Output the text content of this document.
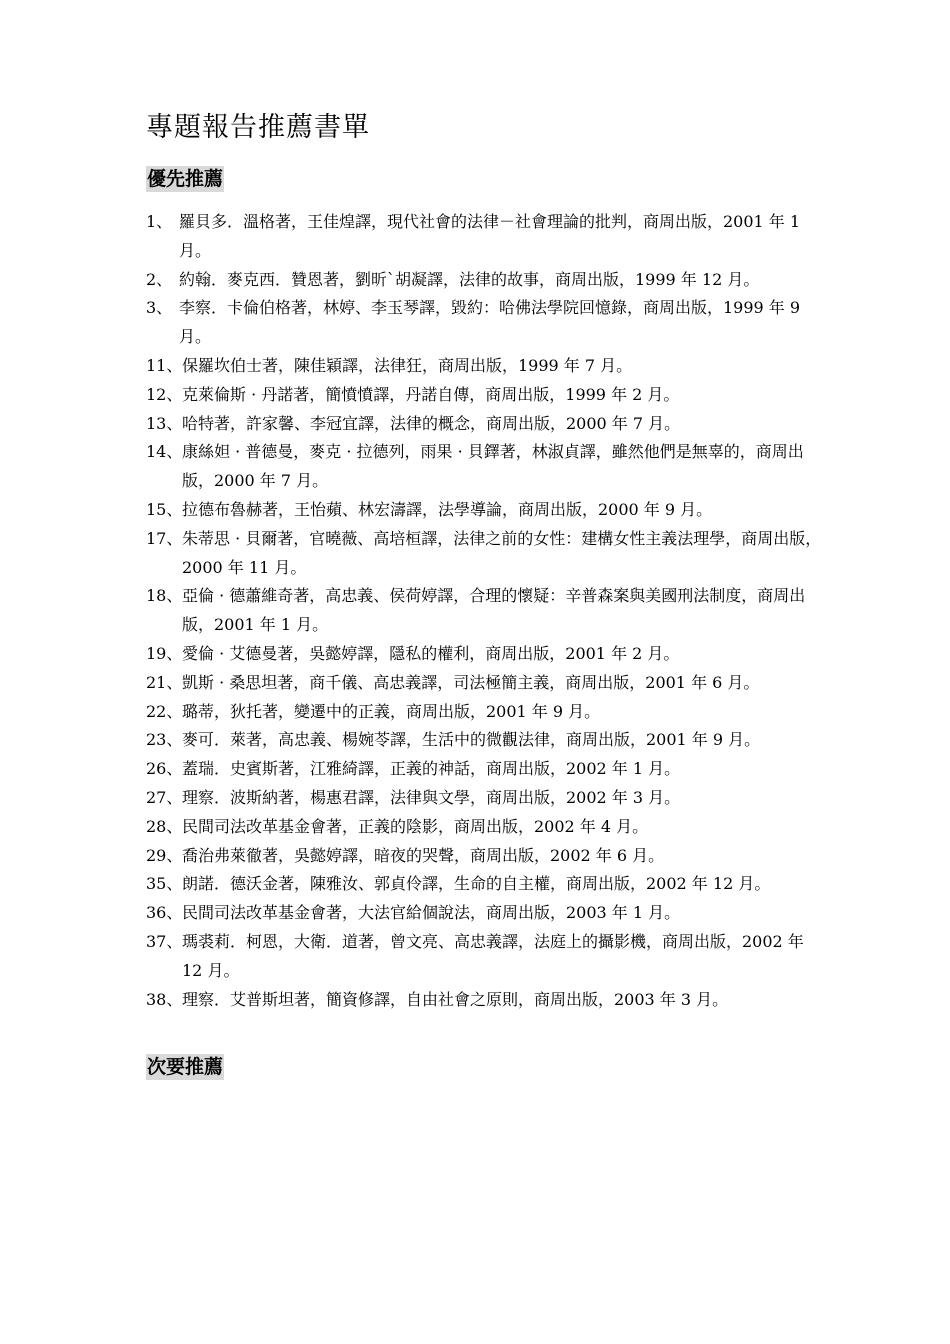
專題報告推薦書單
優先推薦
1、 羅貝多．溫格著，王佳煌譯，現代社會的法律－社會理論的批判，商周出版，2001 年 1 月。
2、 約翰．麥克西．贊恩著，劉昕`胡凝譯，法律的故事，商周出版，1999 年 12 月。
3、 李察．卡倫伯格著，林婷、李玉琴譯，毀約：哈佛法學院回憶錄，商周出版，1999 年 9 月。
11、 保羅坎伯士著，陳佳穎譯，法律狂，商周出版，1999 年 7 月。
12、 克萊倫斯 · 丹諾著，簡憤憤譯，丹諾自傳，商周出版，1999 年 2 月。
13、 哈特著，許家馨、李冠宜譯，法律的概念，商周出版，2000 年 7 月。
14、 康絲妲 · 普德曼，麥克 · 拉德列，雨果 · 貝鐸著，林淑貞譯，雖然他們是無辜的，商周出版，2000 年 7 月。
15、 拉德布魯赫著，王怡蘋、林宏濤譯，法學導論，商周出版，2000 年 9 月。
17、 朱蒂思 · 貝爾著，官曉薇、高培桓譯，法律之前的女性：建構女性主義法理學，商周出版，2000 年 11 月。
18、 亞倫 · 德蕭維奇著，高忠義、侯荷婷譯，合理的懷疑：辛普森案與美國刑法制度，商周出版，2001 年 1 月。
19、 愛倫 · 艾德曼著，吳懿婷譯，隱私的權利，商周出版，2001 年 2 月。
21、 凱斯 · 桑思坦著，商千儀、高忠義譯，司法極簡主義，商周出版，2001 年 6 月。
22、 璐蒂，狄托著，變遷中的正義，商周出版，2001 年 9 月。
23、 麥可．萊著，高忠義、楊婉苓譯，生活中的微觀法律，商周出版，2001 年 9 月。
26、 蓋瑞．史賓斯著，江雅綺譯，正義的神話，商周出版，2002 年 1 月。
27、 理察．波斯納著，楊惠君譯，法律與文學，商周出版，2002 年 3 月。
28、 民間司法改革基金會著，正義的陰影，商周出版，2002 年 4 月。
29、 喬治弗萊徹著，吳懿婷譯，暗夜的哭聲，商周出版，2002 年 6 月。
35、 朗諾．德沃金著，陳雅汝、郭貞伶譯，生命的自主權，商周出版，2002 年 12 月。
36、 民間司法改革基金會著，大法官給個說法，商周出版，2003 年 1 月。
37、 瑪裘莉．柯恩，大衛．道著，曾文亮、高忠義譯，法庭上的攝影機，商周出版，2002 年 12 月。
38、 理察．艾普斯坦著，簡資修譯，自由社會之原則，商周出版，2003 年 3 月。
次要推薦
